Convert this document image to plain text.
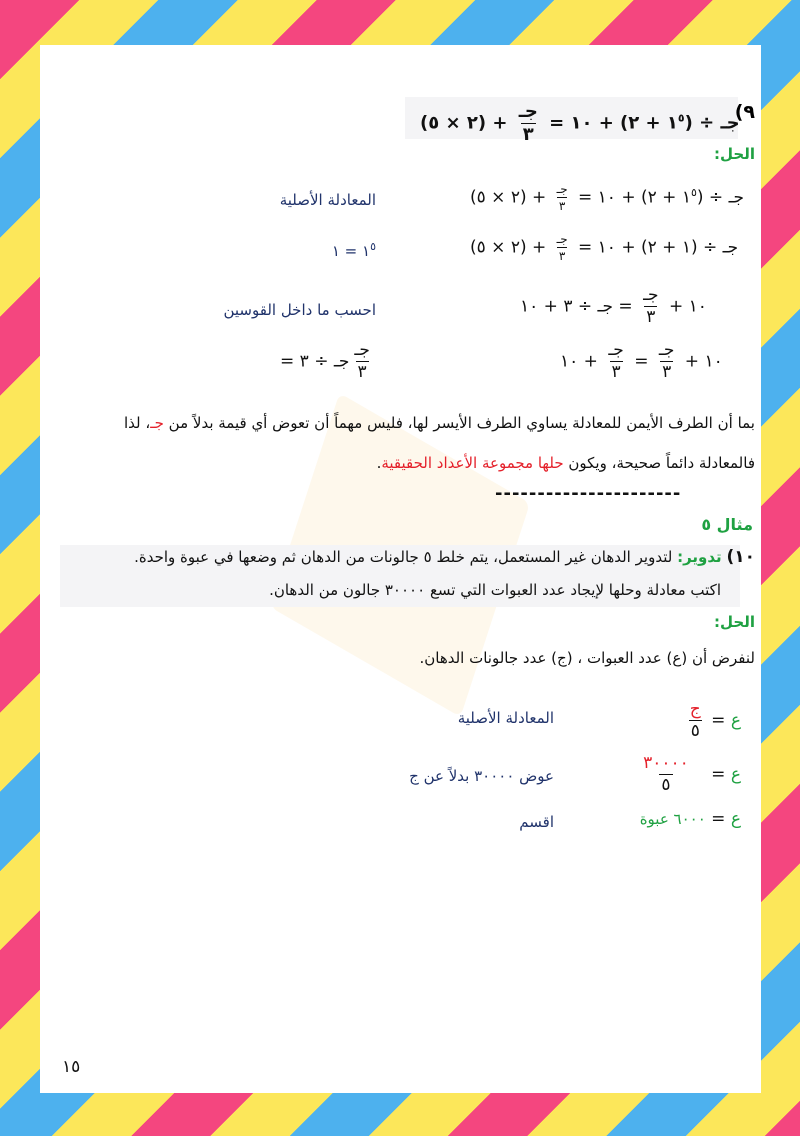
٩)
(٢ × ٥) + $\frac{\text{جـ}}{٣}$ = جـ ÷ ($١^٥$ + ٢) + ١٠
الحل:
(٢ × ٥) + $\frac{\text{جـ}}{٣}$ = جـ ÷ ($١^٥$ + ٢) + ١٠
المعادلة الأصلية
(٢ × ٥) + $\frac{\text{جـ}}{٣}$ = جـ ÷ (١ + ٢) + ١٠
$١^٥$ = ١
١٠ +
$\frac{\text{جـ}}{٣}$
= جـ ÷ ٣ + ١٠
احسب ما داخل القوسين
١٠ +
$\frac{\text{جـ}}{٣}$
=
$\frac{\text{جـ}}{٣}$
+ ١٠
= جـ ÷ ٣ $\frac{\text{جـ}}{٣}$
بما أن الطرف الأيمن للمعادلة يساوي الطرف الأيسر لها، فليس مهماً أن تعوض أي قيمة بدلاً من جـ، لذا
فالمعادلة دائماً صحيحة، ويكون حلها مجموعة الأعداد الحقيقية.
----------------------
مثال ٥
١٠) تدوير: لتدوير الدهان غير المستعمل، يتم خلط ٥ جالونات من الدهان ثم وضعها في عبوة واحدة.
اكتب معادلة وحلها لإيجاد عدد العبوات التي تسع ٣٠٠٠٠ جالون من الدهان.
الحل:
لنفرض أن (ع) عدد العبوات ، (ج) عدد جالونات الدهان.
ع =
$\frac{\text{ج}}{٥}$
المعادلة الأصلية
ع =
$\frac{٣٠٠٠٠}{٥}$
عوض ٣٠٠٠٠ بدلاً عن ج
ع = ٦٠٠٠ عبوة
اقسم
١٥
